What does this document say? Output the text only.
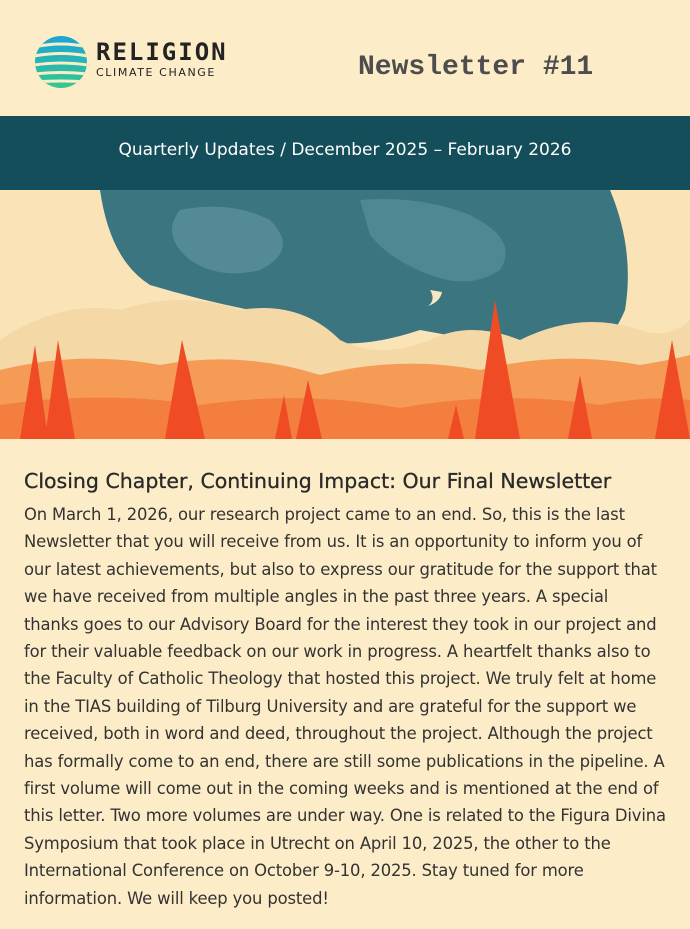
RELIGION
CLIMATE CHANGE	Newsletter #11
Quarterly Updates / December 2025 – February 2026
Closing Chapter, Continuing Impact: Our Final Newsletter

On March 1, 2026, our research project came to an end. So, this is the last Newsletter that you will receive from us. It is an opportunity to inform you of our latest achievements, but also to express our gratitude for the support that we have received from multiple angles in the past three years. A special thanks goes to our Advisory Board for the interest they took in our project and for their valuable feedback on our work in progress. A heartfelt thanks also to the Faculty of Catholic Theology that hosted this project. We truly felt at home in the TIAS building of Tilburg University and are grateful for the support we received, both in word and deed, throughout the project. Although the project has formally come to an end, there are still some publications in the pipeline. A first volume will come out in the coming weeks and is mentioned at the end of this letter. Two more volumes are under way. One is related to the Figura Divina Symposium that took place in Utrecht on April 10, 2025, the other to the International Conference on October 9-10, 2025. Stay tuned for more information. We will keep you posted!
